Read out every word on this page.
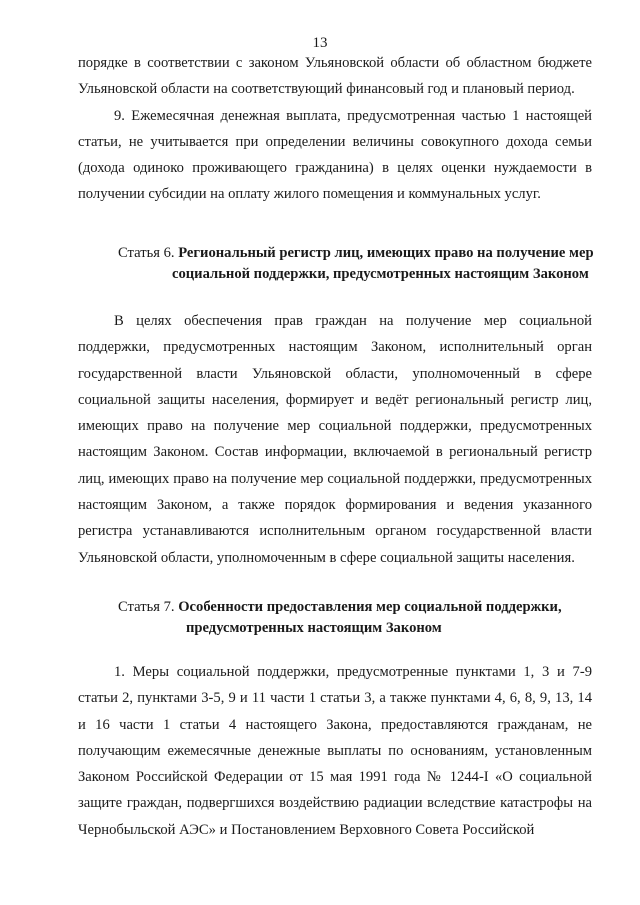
13

порядке в соответствии с законом Ульяновской области об областном бюджете Ульяновской области на соответствующий финансовый год и плановый период.

9. Ежемесячная денежная выплата, предусмотренная частью 1 настоящей статьи, не учитывается при определении величины совокупного дохода семьи (дохода одиноко проживающего гражданина) в целях оценки нуждаемости в получении субсидии на оплату жилого помещения и коммунальных услуг.

Статья 6. Региональный регистр лиц, имеющих право на получение мер
социальной поддержки, предусмотренных настоящим Законом

В целях обеспечения прав граждан на получение мер социальной поддержки, предусмотренных настоящим Законом, исполнительный орган государственной власти Ульяновской области, уполномоченный в сфере социальной защиты населения, формирует и ведёт региональный регистр лиц, имеющих право на получение мер социальной поддержки, предусмотренных настоящим Законом. Состав информации, включаемой в региональный регистр лиц, имеющих право на получение мер социальной поддержки, предусмотренных настоящим Законом, а также порядок формирования и ведения указанного регистра устанавливаются исполнительным органом государственной власти Ульяновской области, уполномоченным в сфере социальной защиты населения.

Статья 7. Особенности предоставления мер социальной поддержки,
предусмотренных настоящим Законом

1. Меры социальной поддержки, предусмотренные пунктами 1, 3 и 7-9 статьи 2, пунктами 3-5, 9 и 11 части 1 статьи 3, а также пунктами 4, 6, 8, 9, 13, 14 и 16 части 1 статьи 4 настоящего Закона, предоставляются гражданам, не получающим ежемесячные денежные выплаты по основаниям, установленным Законом Российской Федерации от 15 мая 1991 года № 1244-I «О социальной защите граждан, подвергшихся воздействию радиации вследствие катастрофы на Чернобыльской АЭС» и Постановлением Верховного Совета Российской
